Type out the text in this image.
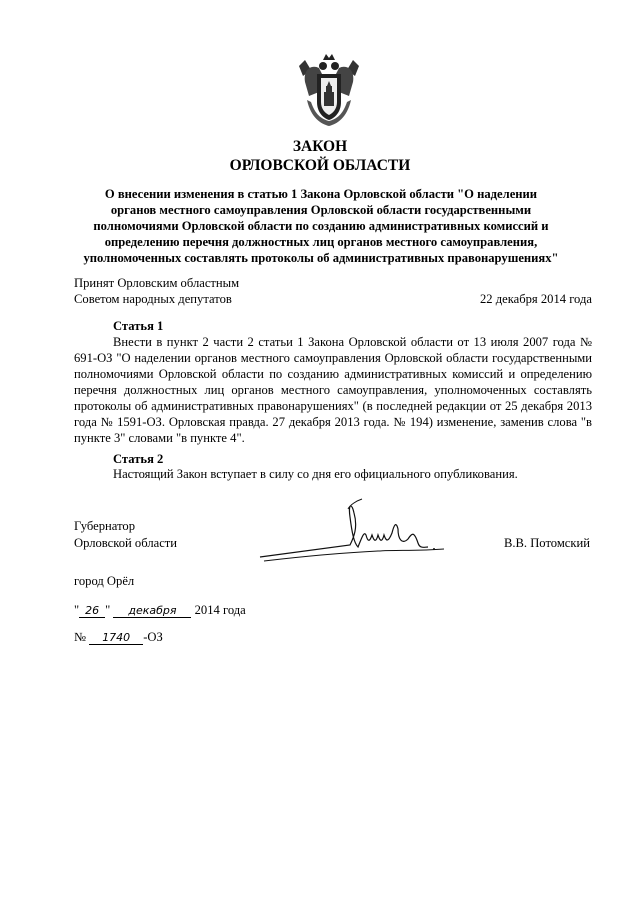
ЗАКОН
ОРЛОВСКОЙ ОБЛАСТИ
О внесении изменения в статью 1 Закона Орловской области "О наделении органов местного самоуправления Орловской области государственными полномочиями Орловской области по созданию административных комиссий и определению перечня должностных лиц органов местного самоуправления, уполномоченных составлять протоколы об административных правонарушениях"
Принят Орловским областным
Советом народных депутатов	22 декабря 2014 года
Статья 1

Внести в пункт 2 части 2 статьи 1 Закона Орловской области от 13 июля 2007 года № 691-ОЗ "О наделении органов местного самоуправления Орловской области государственными полномочиями Орловской области по созданию административных комиссий и определению перечня должностных лиц органов местного самоуправления, уполномоченных составлять протоколы об административных правонарушениях" (в последней редакции от 25 декабря 2013 года № 1591-ОЗ. Орловская правда. 27 декабря 2013 года. № 194) изменение, заменив слова "в пункте 3" словами "в пункте 4".

Статья 2
Настоящий Закон вступает в силу со дня его официального опубликования.
Губернатор
Орловской области	В.В. Потомский
город Орёл
" 26 " декабря 2014 года
№ 1740 -ОЗ
